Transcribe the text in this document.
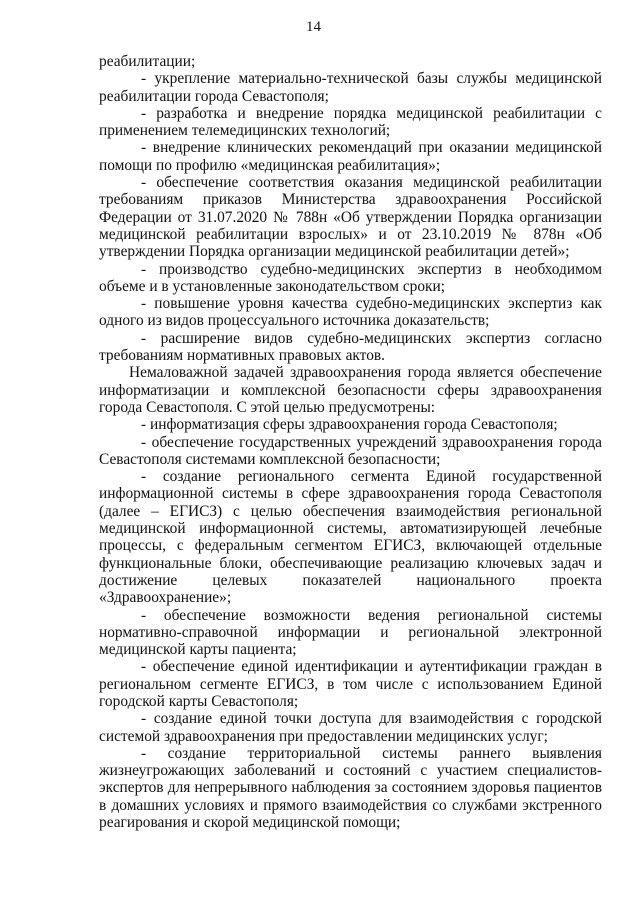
14

реабилитации;

- укрепление материально-технической базы службы медицинской реабилитации города Севастополя;

- разработка и внедрение порядка медицинской реабилитации с применением телемедицинских технологий;

- внедрение клинических рекомендаций при оказании медицинской помощи по профилю «медицинская реабилитация»;

- обеспечение соответствия оказания медицинской реабилитации требованиям приказов Министерства здравоохранения Российской Федерации от 31.07.2020 № 788н «Об утверждении Порядка организации медицинской реабилитации взрослых» и от 23.10.2019 № 878н «Об утверждении Порядка организации медицинской реабилитации детей»;

- производство судебно-медицинских экспертиз в необходимом объеме и в установленные законодательством сроки;

- повышение уровня качества судебно-медицинских экспертиз как одного из видов процессуального источника доказательств;

- расширение видов судебно-медицинских экспертиз согласно требованиям нормативных правовых актов.

Немаловажной задачей здравоохранения города является обеспечение информатизации и комплексной безопасности сферы здравоохранения города Севастополя. С этой целью предусмотрены:

- информатизация сферы здравоохранения города Севастополя;

- обеспечение государственных учреждений здравоохранения города Севастополя системами комплексной безопасности;

- создание регионального сегмента Единой государственной информационной системы в сфере здравоохранения города Севастополя (далее – ЕГИСЗ) с целью обеспечения взаимодействия региональной медицинской информационной системы, автоматизирующей лечебные процессы, с федеральным сегментом ЕГИСЗ, включающей отдельные функциональные блоки, обеспечивающие реализацию ключевых задач и достижение целевых показателей национального проекта «Здравоохранение»;

- обеспечение возможности ведения региональной системы нормативно-справочной информации и региональной электронной медицинской карты пациента;

- обеспечение единой идентификации и аутентификации граждан в региональном сегменте ЕГИСЗ, в том числе с использованием Единой городской карты Севастополя;

- создание единой точки доступа для взаимодействия с городской системой здравоохранения при предоставлении медицинских услуг;

- создание территориальной системы раннего выявления жизнеугрожающих заболеваний и состояний с участием специалистов-экспертов для непрерывного наблюдения за состоянием здоровья пациентов в домашних условиях и прямого взаимодействия со службами экстренного реагирования и скорой медицинской помощи;
